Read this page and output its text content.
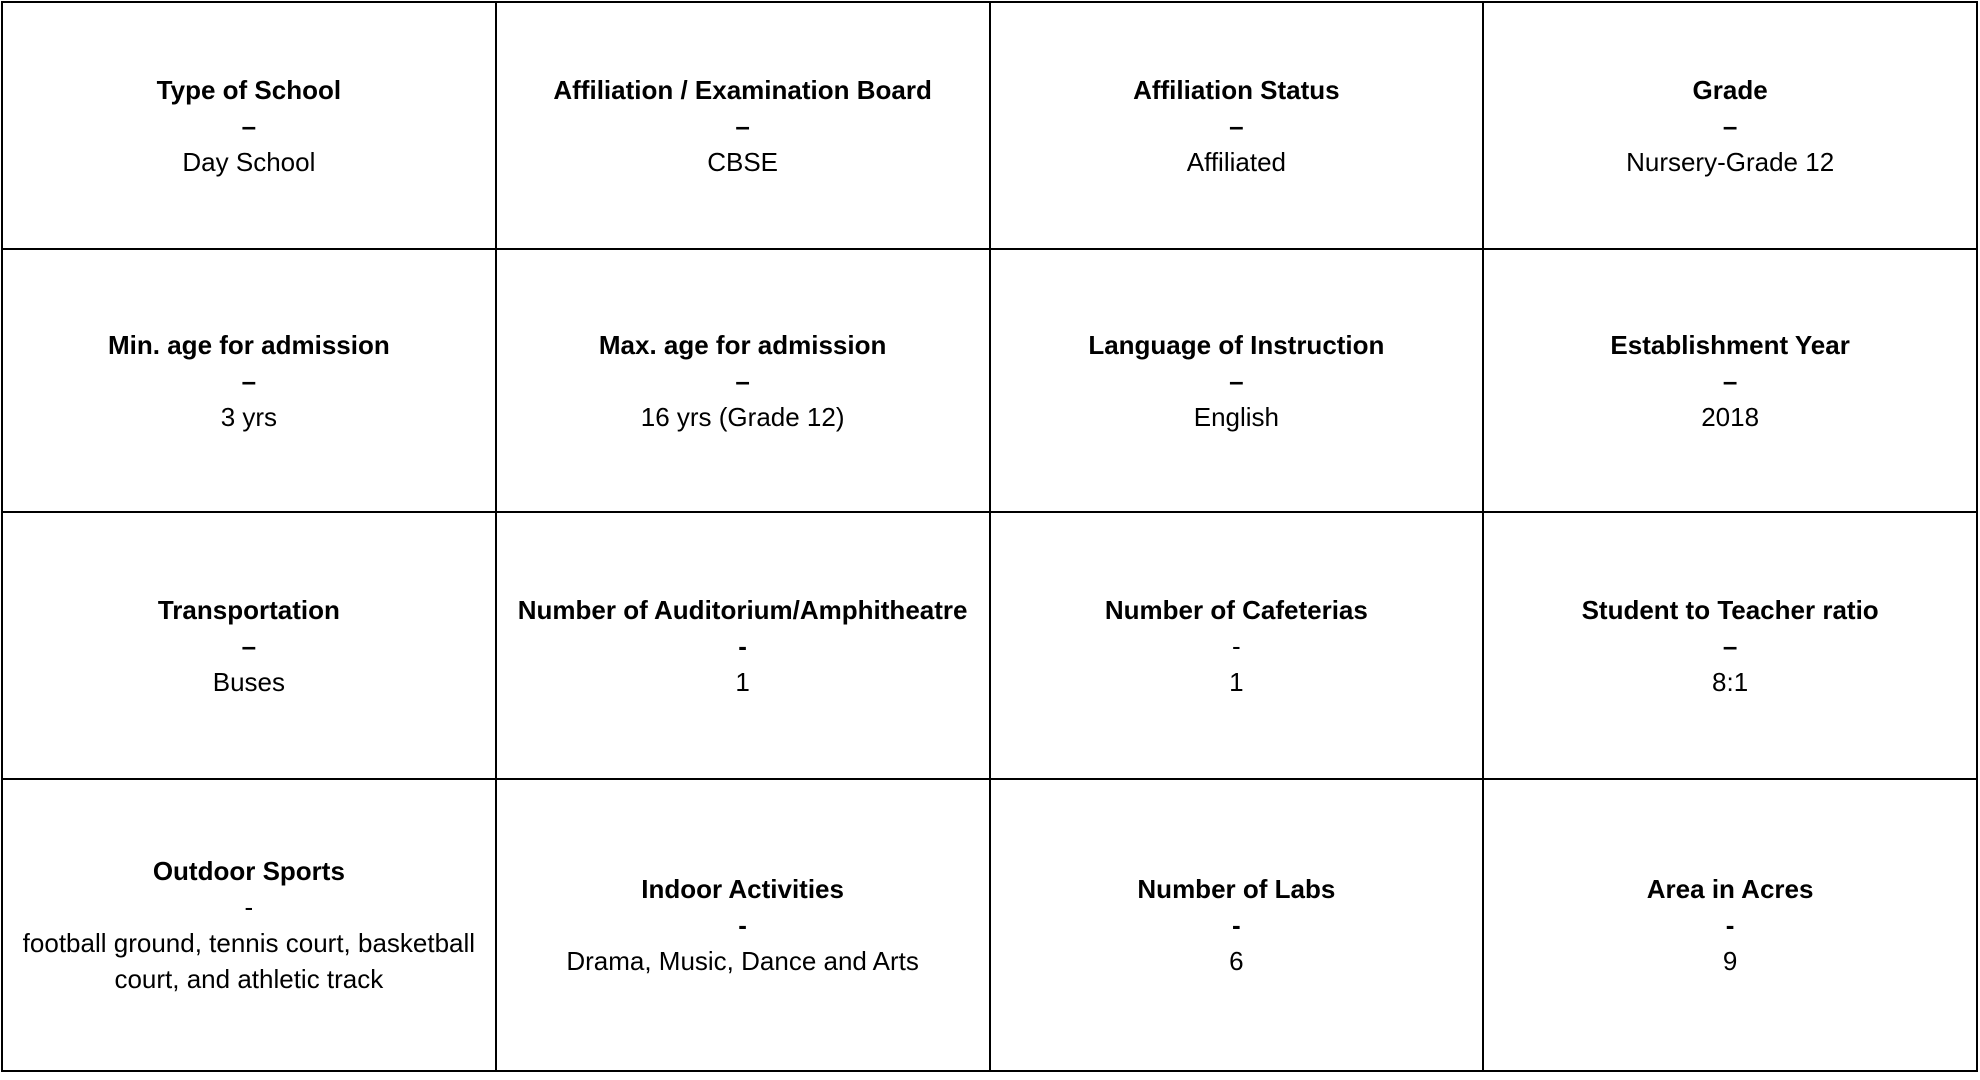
Type of School
–
Day School	Affiliation / Examination Board
–
CBSE	Affiliation Status
–
Affiliated	Grade
–
Nursery-Grade 12

Min. age for admission
–
3 yrs	Max. age for admission
–
16 yrs (Grade 12)	Language of Instruction
–
English	Establishment Year
–
2018

Transportation
–
Buses	Number of Auditorium/Amphitheatre
-
1	Number of Cafeterias
-
1	Student to Teacher ratio
–
8:1

Outdoor Sports
-
football ground, tennis court, basketball court, and athletic track	Indoor Activities
-
Drama, Music, Dance and Arts	Number of Labs
-
6	Area in Acres
-
9
